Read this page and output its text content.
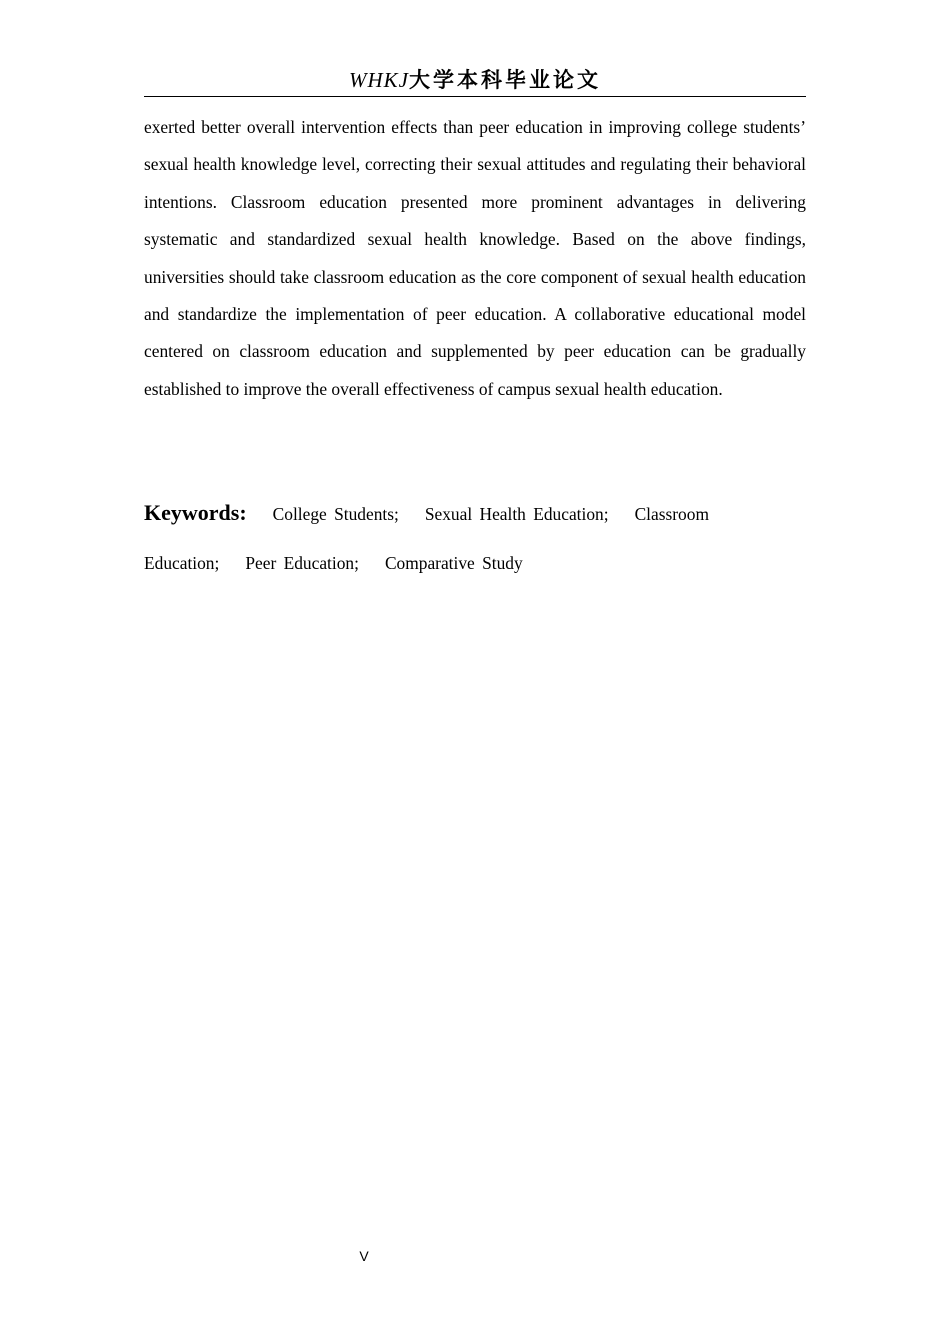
WHKJ大学本科毕业论文

exerted better overall intervention effects than peer education in improving college students’ sexual health knowledge level, correcting their sexual attitudes and regulating their behavioral intentions. Classroom education presented more prominent advantages in delivering systematic and standardized sexual health knowledge. Based on the above findings, universities should take classroom education as the core component of sexual health education and standardize the implementation of peer education. A collaborative educational model centered on classroom education and supplemented by peer education can be gradually established to improve the overall effectiveness of campus sexual health education.

Keywords: College Students; Sexual Health Education; Classroom Education; Peer Education; Comparative Study

V
